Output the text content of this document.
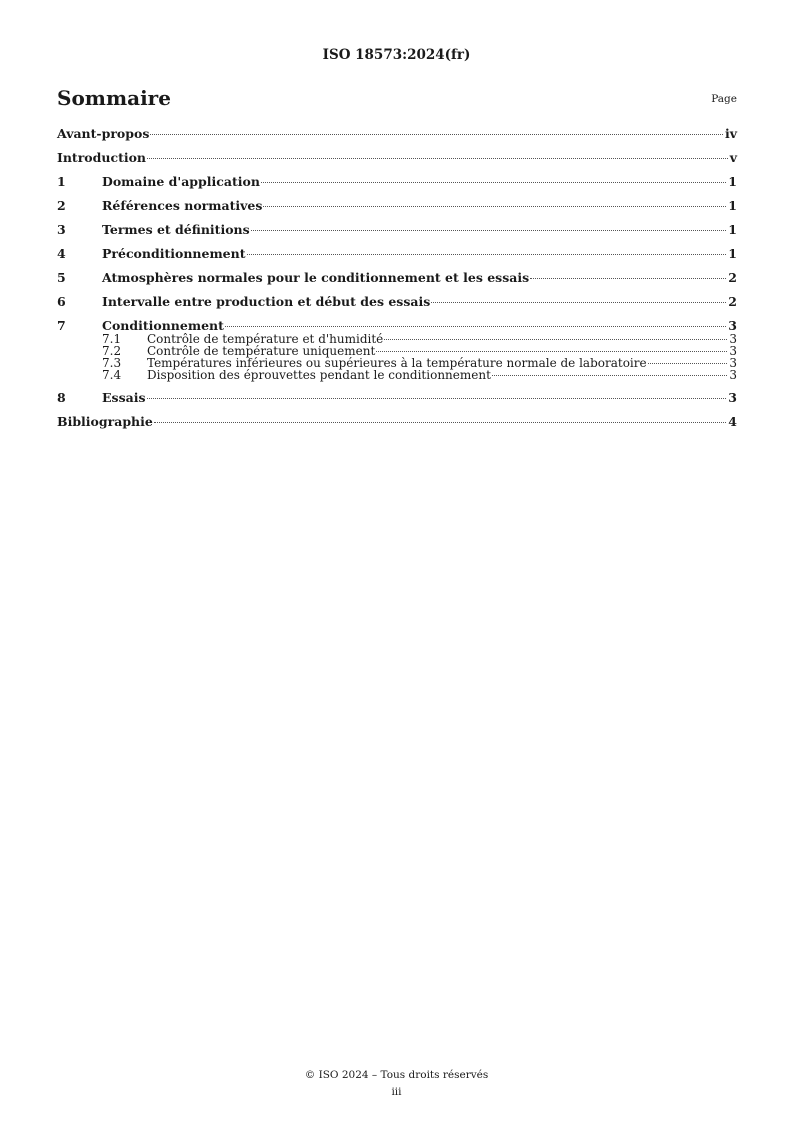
ISO 18573:2024(fr)
Sommaire	Page
Avant-propos	iv
Introduction	v
1	Domaine d'application	1
2	Références normatives	1
3	Termes et définitions	1
4	Préconditionnement	1
5	Atmosphères normales pour le conditionnement et les essais	2
6	Intervalle entre production et début des essais	2
7	Conditionnement	3
7.1	Contrôle de température et d'humidité	3
7.2	Contrôle de température uniquement	3
7.3	Températures inférieures ou supérieures à la température normale de laboratoire	3
7.4	Disposition des éprouvettes pendant le conditionnement	3
8	Essais	3
Bibliographie	4
© ISO 2024 – Tous droits réservés
iii
